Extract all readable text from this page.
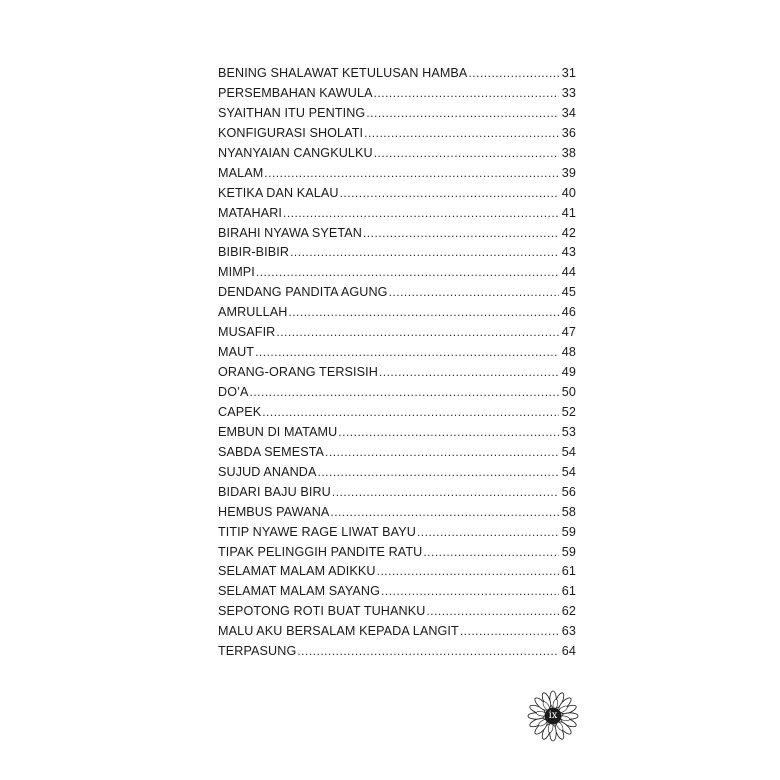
BENING SHALAWAT KETULUSAN HAMBA .....	31
PERSEMBAHAN KAWULA .....	33
SYAITHAN ITU PENTING .....	34
KONFIGURASI SHOLATI .....	36
NYANYAIAN CANGKULKU .....	38
MALAM .....	39
KETIKA DAN KALAU .....	40
MATAHARI .....	41
BIRAHI NYAWA SYETAN .....	42
BIBIR-BIBIR .....	43
MIMPI .....	44
DENDANG PANDITA AGUNG .....	45
AMRULLAH .....	46
MUSAFIR .....	47
MAUT .....	48
ORANG-ORANG TERSISIH .....	49
DO’A .....	50
CAPEK .....	52
EMBUN DI MATAMU .....	53
SABDA SEMESTA .....	54
SUJUD ANANDA .....	54
BIDARI BAJU BIRU .....	56
HEMBUS PAWANA .....	58
TITIP NYAWE RAGE LIWAT BAYU .....	59
TIPAK PELINGGIH PANDITE RATU .....	59
SELAMAT MALAM ADIKKU .....	61
SELAMAT MALAM SAYANG .....	61
SEPOTONG ROTI BUAT TUHANKU .....	62
MALU AKU BERSALAM KEPADA LANGIT .....	63
TERPASUNG .....	64
ix
